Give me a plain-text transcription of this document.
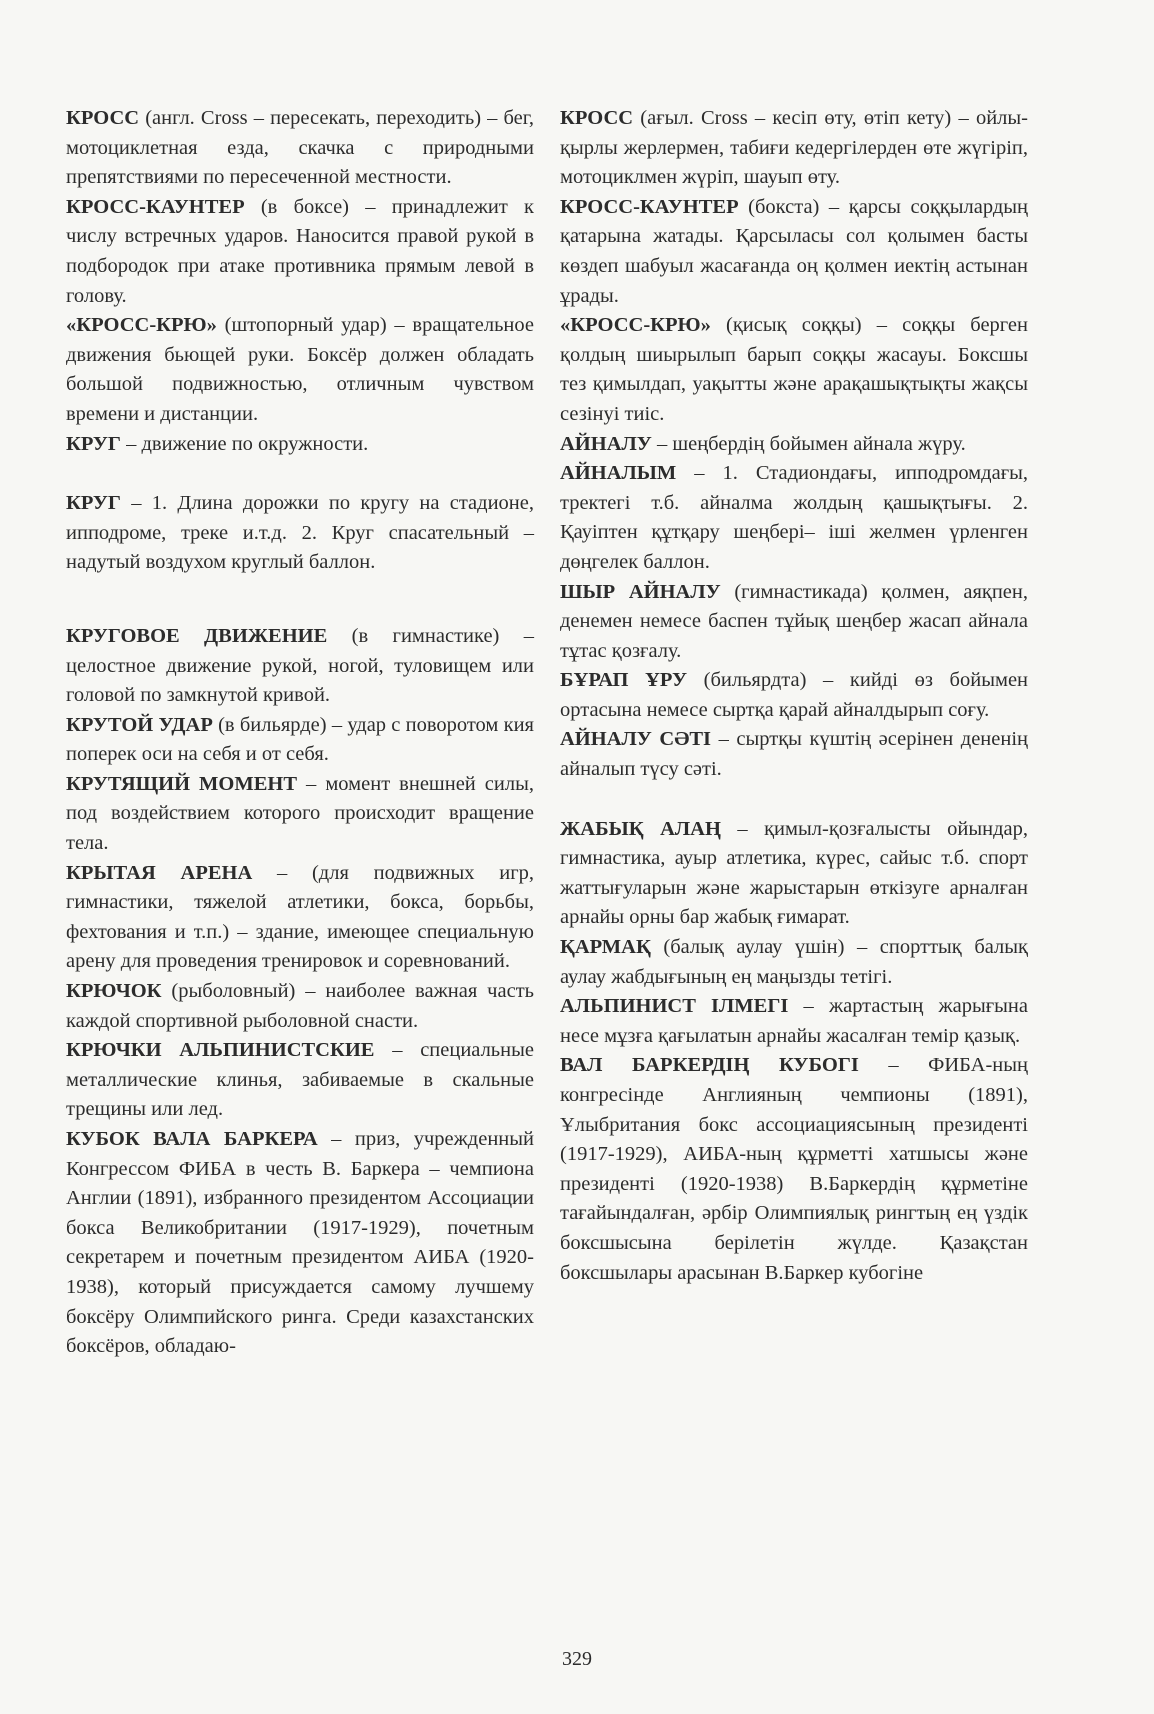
КРОСС (англ. Cross – пересекать, переходить) – бег, мотоциклетная езда, скачка с природными препятствиями по пересеченной местности.

КРОСС-КАУНТЕР (в боксе) – принадлежит к числу встречных ударов. Наносится правой рукой в подбородок при атаке противника прямым левой в голову.

«КРОСС-КРЮ» (штопорный удар) – вращательное движения бьющей руки. Боксёр должен обладать большой подвижностью, отличным чувством времени и дистанции.

КРУГ – движение по окружности.

КРУГ – 1. Длина дорожки по кругу на стадионе, ипподроме, треке и.т.д. 2. Круг спасательный – надутый воздухом круглый баллон.

КРУГОВОЕ ДВИЖЕНИЕ (в гимнастике) – целостное движение рукой, ногой, туловищем или головой по замкнутой кривой.

КРУТОЙ УДАР (в бильярде) – удар с поворотом кия поперек оси на себя и от себя.

КРУТЯЩИЙ МОМЕНТ – момент внешней силы, под воздействием которого происходит вращение тела.

КРЫТАЯ АРЕНА – (для подвижных игр, гимнастики, тяжелой атлетики, бокса, борьбы, фехтования и т.п.) – здание, имеющее специальную арену для проведения тренировок и соревнований.

КРЮЧОК (рыболовный) – наиболее важная часть каждой спортивной рыболовной снасти.

КРЮЧКИ АЛЬПИНИСТСКИЕ – специальные металлические клинья, забиваемые в скальные трещины или лед.

КУБОК ВАЛА БАРКЕРА – приз, учрежденный Конгрессом ФИБА в честь В. Баркера – чемпиона Англии (1891), избранного президентом Ассоциации бокса Великобритании (1917-1929), почетным секретарем и почетным президентом АИБА (1920-1938), который присуждается самому лучшему боксёру Олимпийского ринга. Среди казахстанских боксёров, обладаю-

КРОСС (ағыл. Cross – кесіп өту, өтіп кету) – ойлы-қырлы жерлермен, табиғи кедергілерден өте жүгіріп, мотоциклмен жүріп, шауып өту.

КРОСС-КАУНТЕР (бокста) – қарсы соққылардың қатарына жатады. Қарсыласы сол қолымен басты көздеп шабуыл жасағанда оң қолмен иектің астынан ұрады.

«КРОСС-КРЮ» (қисық соққы) – соққы берген қолдың шиырылып барып соққы жасауы. Боксшы тез қимылдап, уақытты және арақашықтықты жақсы сезінуі тиіс.

АЙНАЛУ – шеңбердің бойымен айнала жүру.

АЙНАЛЫМ – 1. Стадиондағы, ипподромдағы, тректегі т.б. айналма жолдың қашықтығы. 2. Қауіптен құтқару шеңбері– іші желмен үрленген дөңгелек баллон.

ШЫР АЙНАЛУ (гимнастикада) қолмен, аяқпен, денемен немесе баспен тұйық шеңбер жасап айнала тұтас қозғалу.

БҰРАП ҰРУ (бильярдта) – кийді өз бойымен ортасына немесе сыртқа қарай айналдырып соғу.

АЙНАЛУ СӘТІ – сыртқы күштің әсерінен дененің айналып түсу сәті.

ЖАБЫҚ АЛАҢ – қимыл-қозғалысты ойындар, гимнастика, ауыр атлетика, күрес, сайыс т.б. спорт жаттығуларын және жарыстарын өткізуге арналған арнайы орны бар жабық ғимарат.

ҚАРМАҚ (балық аулау үшін) – спорттық балық аулау жабдығының ең маңызды тетігі.

АЛЬПИНИСТ ІЛМЕГІ – жартастың жарығына несе мұзға қағылатын арнайы жасалған темір қазық.

ВАЛ БАРКЕРДІҢ КУБОГІ – ФИБА-ның конгресінде Англияның чемпионы (1891), Ұлыбритания бокс ассоциациясының президенті (1917-1929), АИБА-ның құрметті хатшысы және президенті (1920-1938) В.Баркердің құрметіне тағайындалған, әрбір Олимпиялық рингтың ең үздік боксшысына берілетін жүлде. Қазақстан боксшылары арасынан В.Баркер кубогіне

329
